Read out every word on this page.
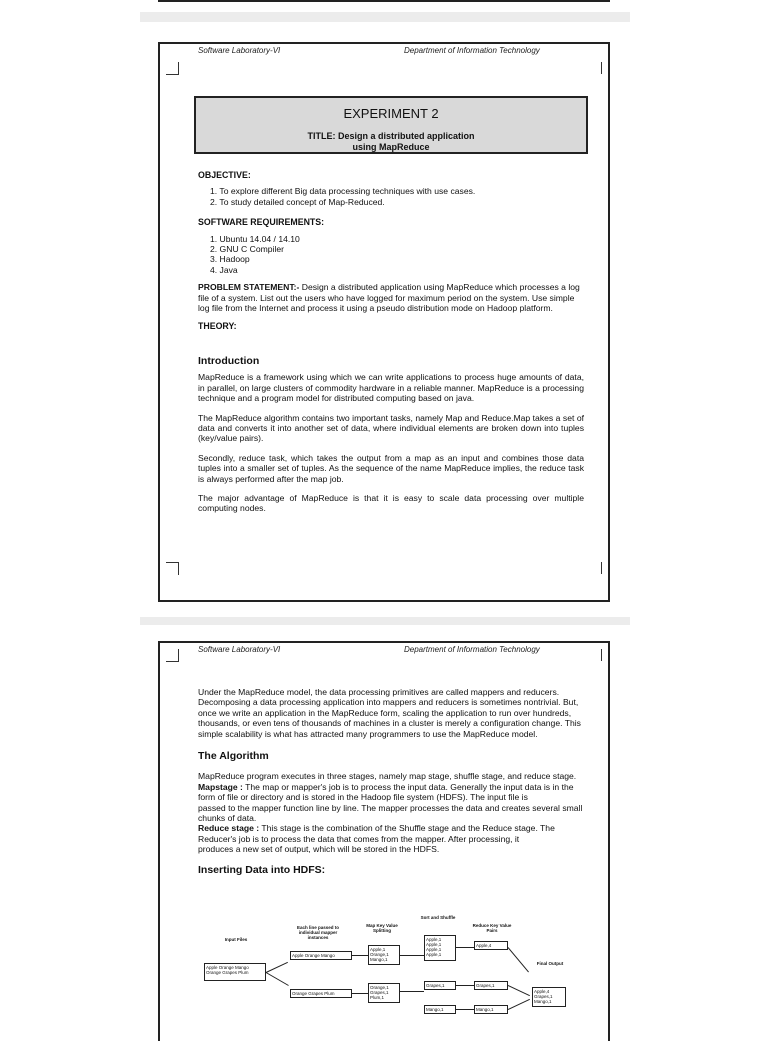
Software Laboratory-VI	Department of Information Technology
EXPERIMENT 2
TITLE: Design a distributed application using MapReduce

OBJECTIVE:

1. To explore different Big data processing techniques with use cases.
2. To study detailed concept of Map-Reduced.

SOFTWARE REQUIREMENTS:

1. Ubuntu 14.04 / 14.10
2. GNU C Compiler
3. Hadoop
4. Java

PROBLEM STATEMENT:- Design a distributed application using MapReduce which processes a log file of a system. List out the users who have logged for maximum period on the system. Use simple log file from the Internet and process it using a pseudo distribution mode on Hadoop platform.

THEORY:

Introduction

MapReduce is a framework using which we can write applications to process huge amounts of data, in parallel, on large clusters of commodity hardware in a reliable manner. MapReduce is a processing technique and a program model for distributed computing based on java.

The MapReduce algorithm contains two important tasks, namely Map and Reduce.Map takes a set of data and converts it into another set of data, where individual elements are broken down into tuples (key/value pairs).

Secondly, reduce task, which takes the output from a map as an input and combines those data tuples into a smaller set of tuples. As the sequence of the name MapReduce implies, the reduce task is always performed after the map job.

The major advantage of MapReduce is that it is easy to scale data processing over multiple computing nodes.

Software Laboratory-VI	Department of Information Technology

Under the MapReduce model, the data processing primitives are called mappers and reducers. Decomposing a data processing application into mappers and reducers is sometimes nontrivial. But, once we write an application in the MapReduce form, scaling the application to run over hundreds, thousands, or even tens of thousands of machines in a cluster is merely a configuration change. This simple scalability is what has attracted many programmers to use the MapReduce model.

The Algorithm

MapReduce program executes in three stages, namely map stage, shuffle stage, and reduce stage. Mapstage : The map or mapper's job is to process the input data. Generally the input data is in the form of file or directory and is stored in the Hadoop file system (HDFS). The input file is

passed to the mapper function line by line. The mapper processes the data and creates several small chunks of data.

Reduce stage : This stage is the combination of the Shuffle stage and the Reduce stage. The Reducer's job is to process the data that comes from the mapper. After processing, it

produces a new set of output, which will be stored in the HDFS.

Inserting Data into HDFS:

Input Files
Each line passed to individual mapper instances
Map Key Value Splitting
Sort and Shuffle
Reduce Key Value Pairs
Final Output
Apple Orange Mango Orange Grapes Plum
Apple Orange Mango
Orange Grapes Plum
Apple,1 Orange,1 Mango,1
Orange,1 Grapes,1 Plum,1
Apple,1 Apple,1 Apple,1 Apple,1
Grapes,1
Mango,1
Apple,4
Grapes,1
Mango,1
Apple,4 Grapes,1 Mango,1
